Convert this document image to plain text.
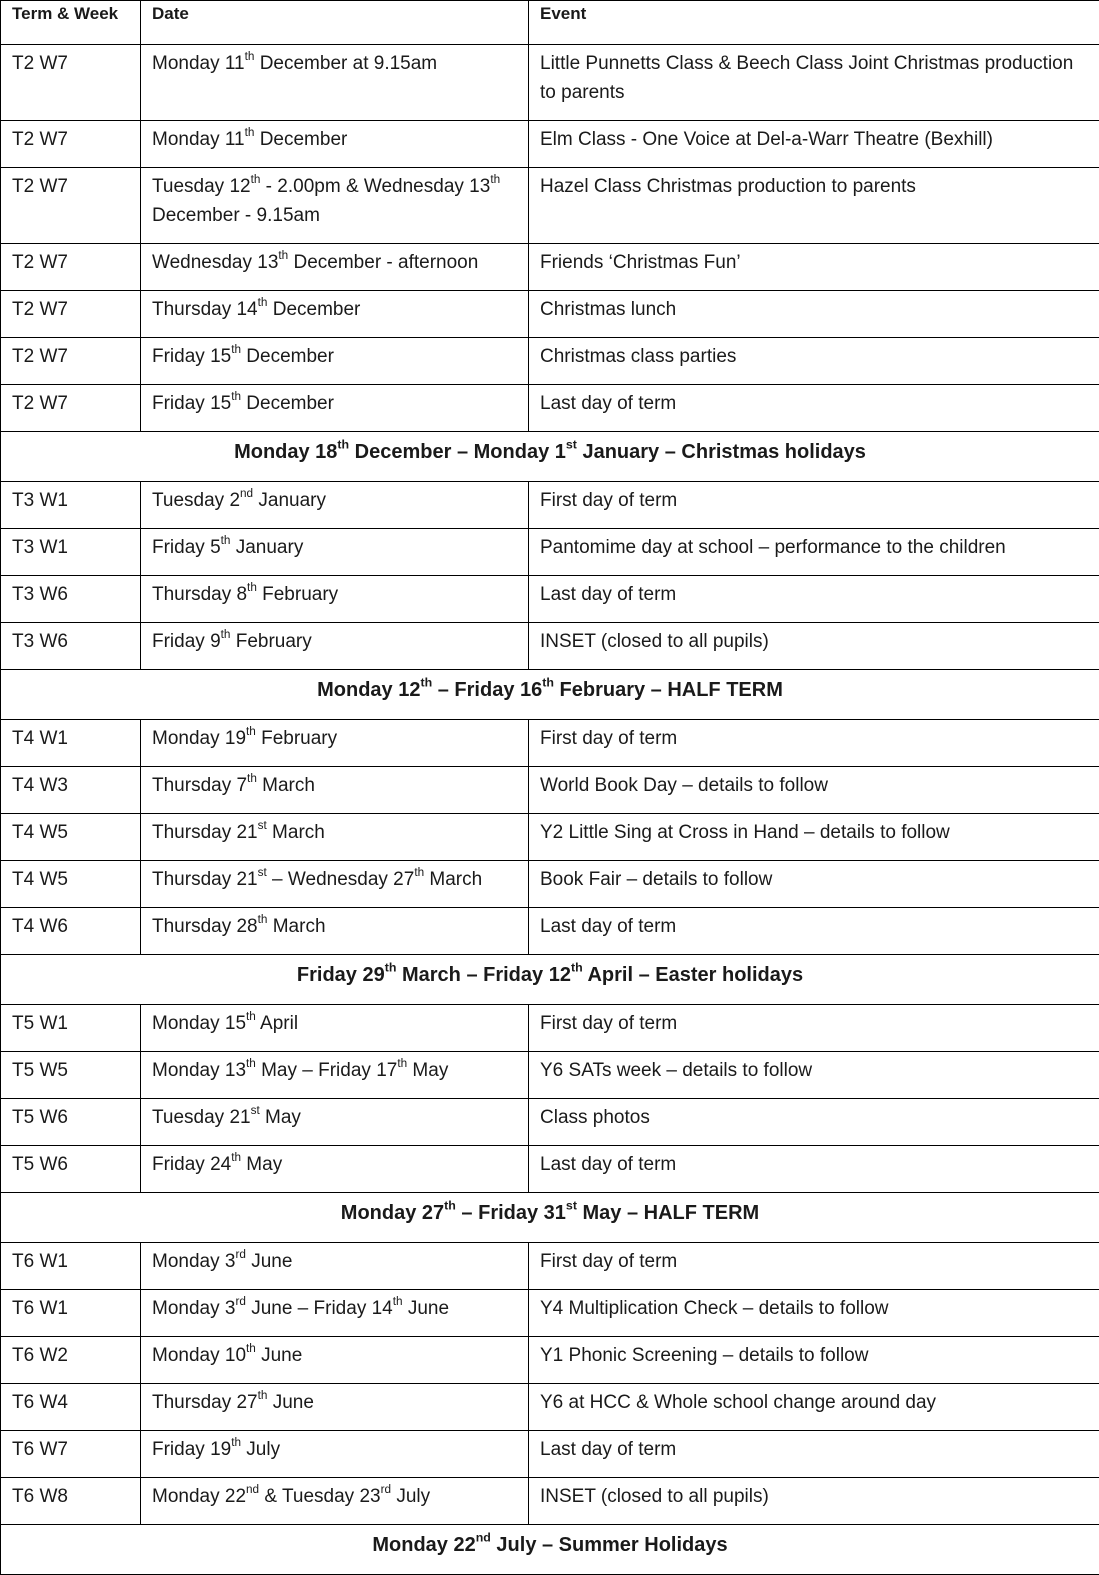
Term & Week	Date	Event
T2 W7	Monday 11th December at 9.15am	Little Punnetts Class & Beech Class Joint Christmas production to parents
T2 W7	Monday 11th December	Elm Class - One Voice at Del-a-Warr Theatre (Bexhill)
T2 W7	Tuesday 12th - 2.00pm & Wednesday 13th December - 9.15am	Hazel Class Christmas production to parents
T2 W7	Wednesday 13th December - afternoon	Friends ‘Christmas Fun’
T2 W7	Thursday 14th December	Christmas lunch
T2 W7	Friday 15th December	Christmas class parties
T2 W7	Friday 15th December	Last day of term
Monday 18th December – Monday 1st January – Christmas holidays		
T3 W1	Tuesday 2nd January	First day of term
T3 W1	Friday 5th January	Pantomime day at school – performance to the children
T3 W6	Thursday 8th February	Last day of term
T3 W6	Friday 9th February	INSET (closed to all pupils)
Monday 12th – Friday 16th February – HALF TERM		
T4 W1	Monday 19th February	First day of term
T4 W3	Thursday 7th March	World Book Day – details to follow
T4 W5	Thursday 21st March	Y2 Little Sing at Cross in Hand – details to follow
T4 W5	Thursday 21st – Wednesday 27th March	Book Fair – details to follow
T4 W6	Thursday 28th March	Last day of term
Friday 29th March – Friday 12th April – Easter holidays		
T5 W1	Monday 15th April	First day of term
T5 W5	Monday 13th May – Friday 17th May	Y6 SATs week – details to follow
T5 W6	Tuesday 21st May	Class photos
T5 W6	Friday 24th May	Last day of term
Monday 27th – Friday 31st May – HALF TERM		
T6 W1	Monday 3rd June	First day of term
T6 W1	Monday 3rd June – Friday 14th June	Y4 Multiplication Check – details to follow
T6 W2	Monday 10th June	Y1 Phonic Screening – details to follow
T6 W4	Thursday 27th June	Y6 at HCC & Whole school change around day
T6 W7	Friday 19th July	Last day of term
T6 W8	Monday 22nd & Tuesday 23rd July	INSET (closed to all pupils)
Monday 22nd July – Summer Holidays		
